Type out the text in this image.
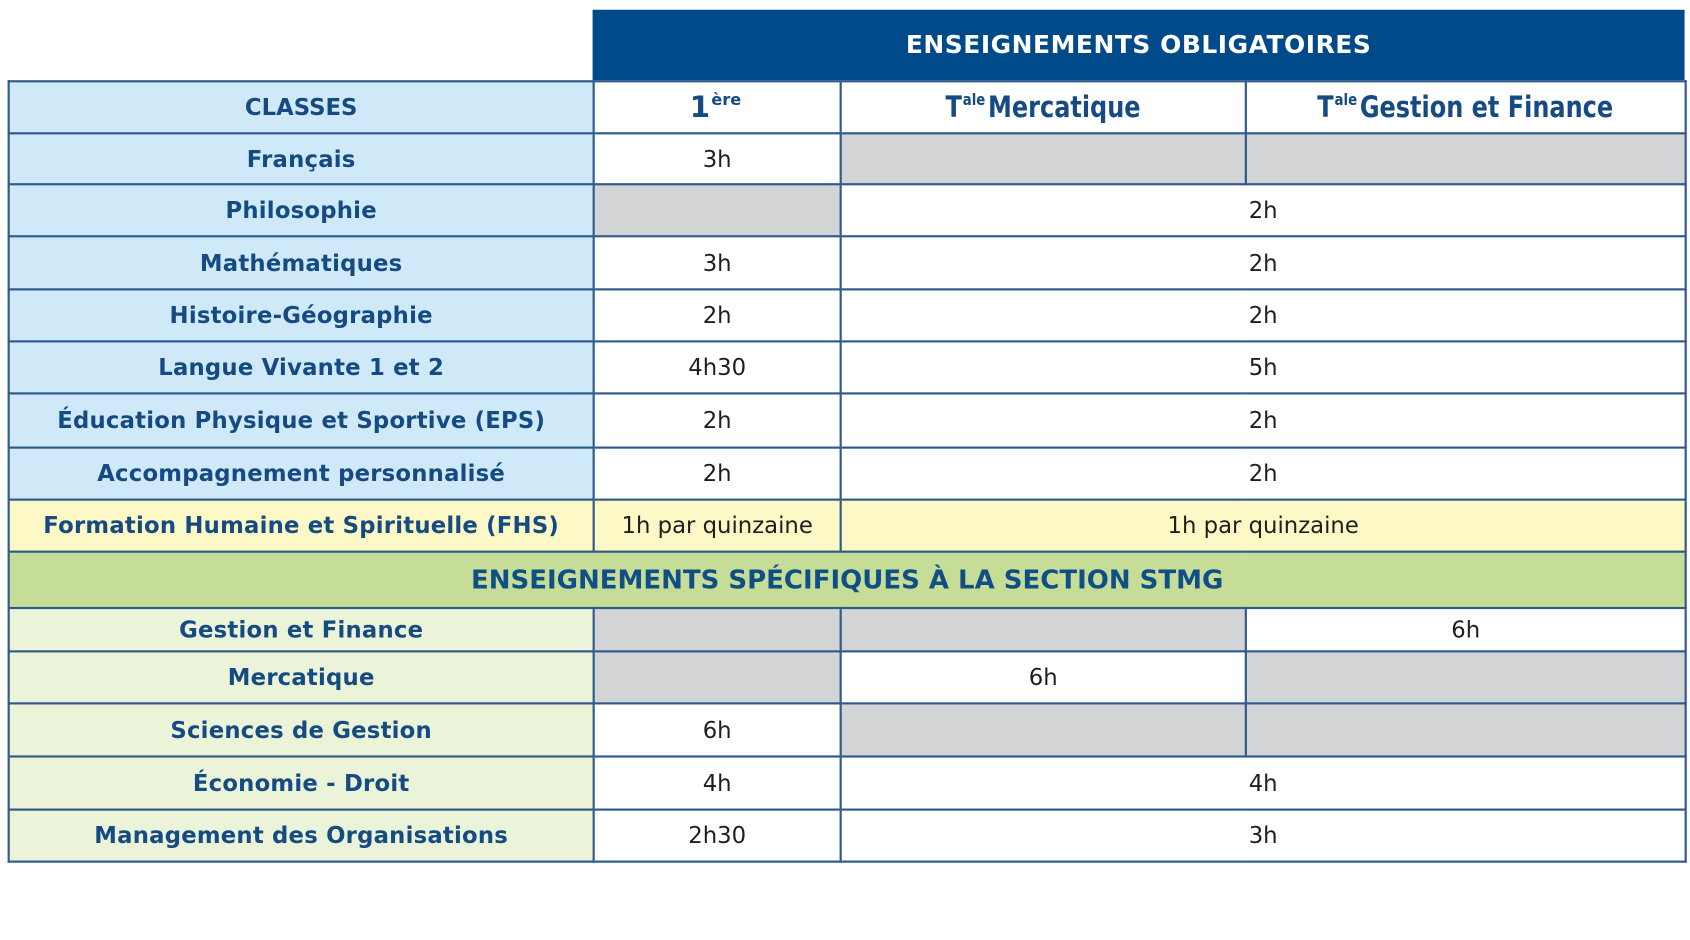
ENSEIGNEMENTS OBLIGATOIRES
CLASSES	1ère	$T^{ale}Mercatique$	$T^{ale}Gestion$ et Finance
Français	3h		
Philosophie		2h	
Mathématiques	3h	2h	
Histoire-Géographie	2h	2h	
Langue Vivante 1 et 2	4h30	5h	
Éducation Physique et Sportive (EPS)	2h	2h	
Accompagnement personnalisé	2h	2h	
Formation Humaine et Spirituelle (FHS)	1h par quinzaine	1h par quinzaine	
ENSEIGNEMENTS SPÉCIFIQUES À LA SECTION STMG			
Gestion et Finance			6h
Mercatique		6h	
Sciences de Gestion	6h		
Économie - Droit	4h	4h	
Management des Organisations	2h30	3h	
